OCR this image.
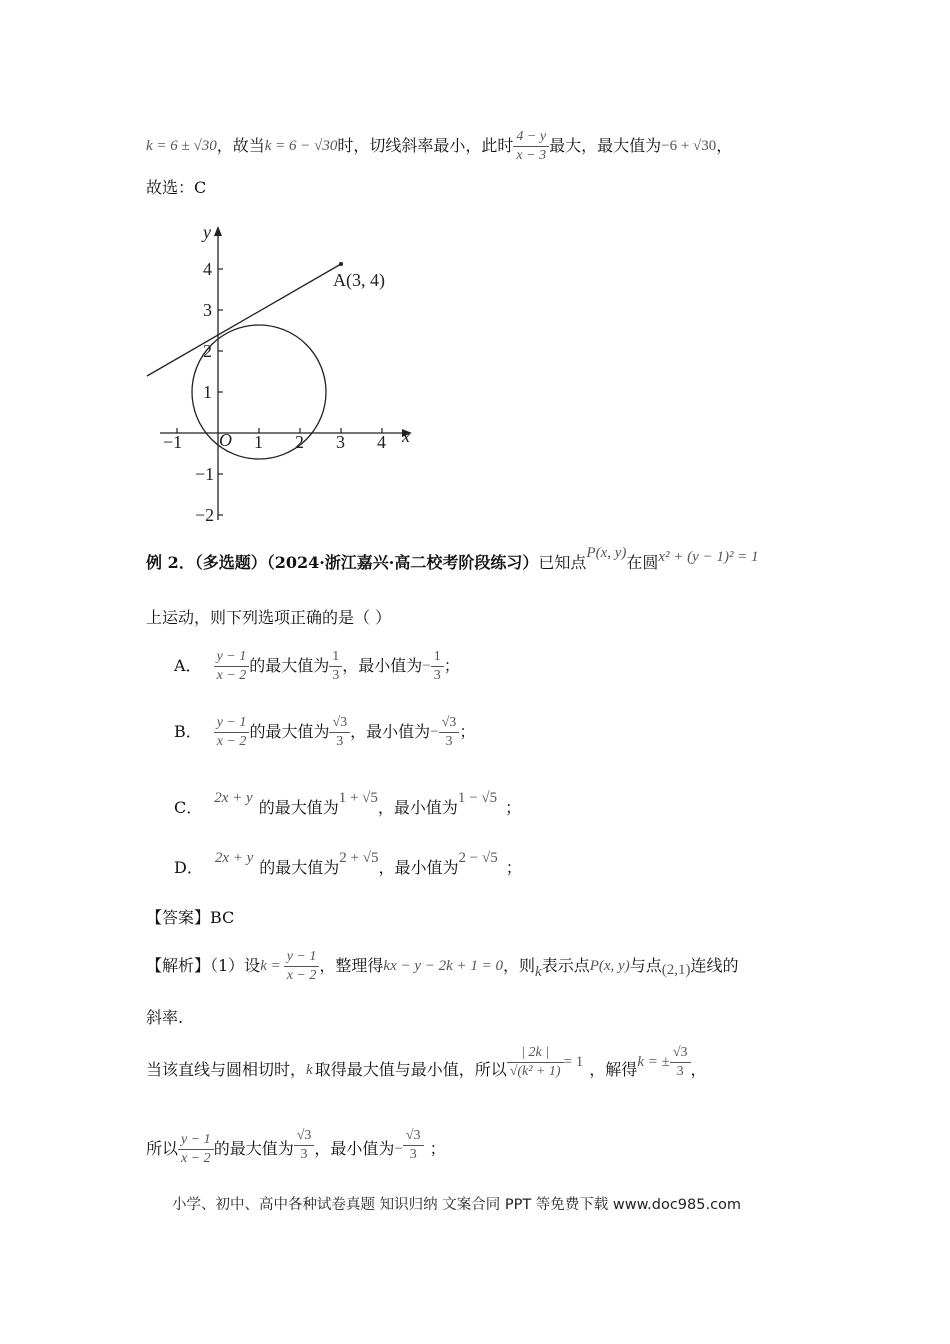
k = 6 ± √30 ，故当 k = 6 − √30 时，切线斜率最小，此时 $\frac{4 - y}{x - 3}$ 最大，最大值为 −6 + √30 ，
故选：C
A(3, 4)
O	x
y
−1	1 2 3 4
4
3
2
1
−1
−2
例 2．（多选题）（2024·浙江嘉兴·高二校考阶段练习） 已知点
P(x, y)
在圆 x² + (y − 1)² = 1
上运动，则下列选项正确的是（ ）
A． $\frac{y - 1}{x - 2}$ 的最大值为 $\frac{1}{3}$ ，最小值为 − $\frac{1}{3}$ ；
B． $\frac{y - 1}{x - 2}$ 的最大值为 $\frac{√3}{3}$ ，最小值为 − $\frac{√3}{3}$ ；
C．
2x + y
的最大值为
1 + √5
，最小值为
1 − √5
；
D．
2x + y
的最大值为
2 + √5
，最小值为
2 − √5
；
【答案】BC
【解析】（1）设 $k = \frac{y - 1}{x - 2}$ ，整理得 kx − y − 2k + 1 = 0 ，则 k 表示点 P(x, y) 与点 (2,1) 连线的
斜率.
当该直线与圆相切时， k 取得最大值与最小值，所以 $\frac{| 2k |}{\text{√(k² + 1)}} = 1$ ，解得 k = ± $\frac{√3}{3}$ ，
所以 $\frac{y - 1}{x - 2}$ 的最大值为 $\frac{√3}{3}$ ，最小值为 − $\frac{√3}{3}$ ；
小学、初中、高中各种试卷真题 知识归纳 文案合同 PPT 等免费下载 www.doc985.com
